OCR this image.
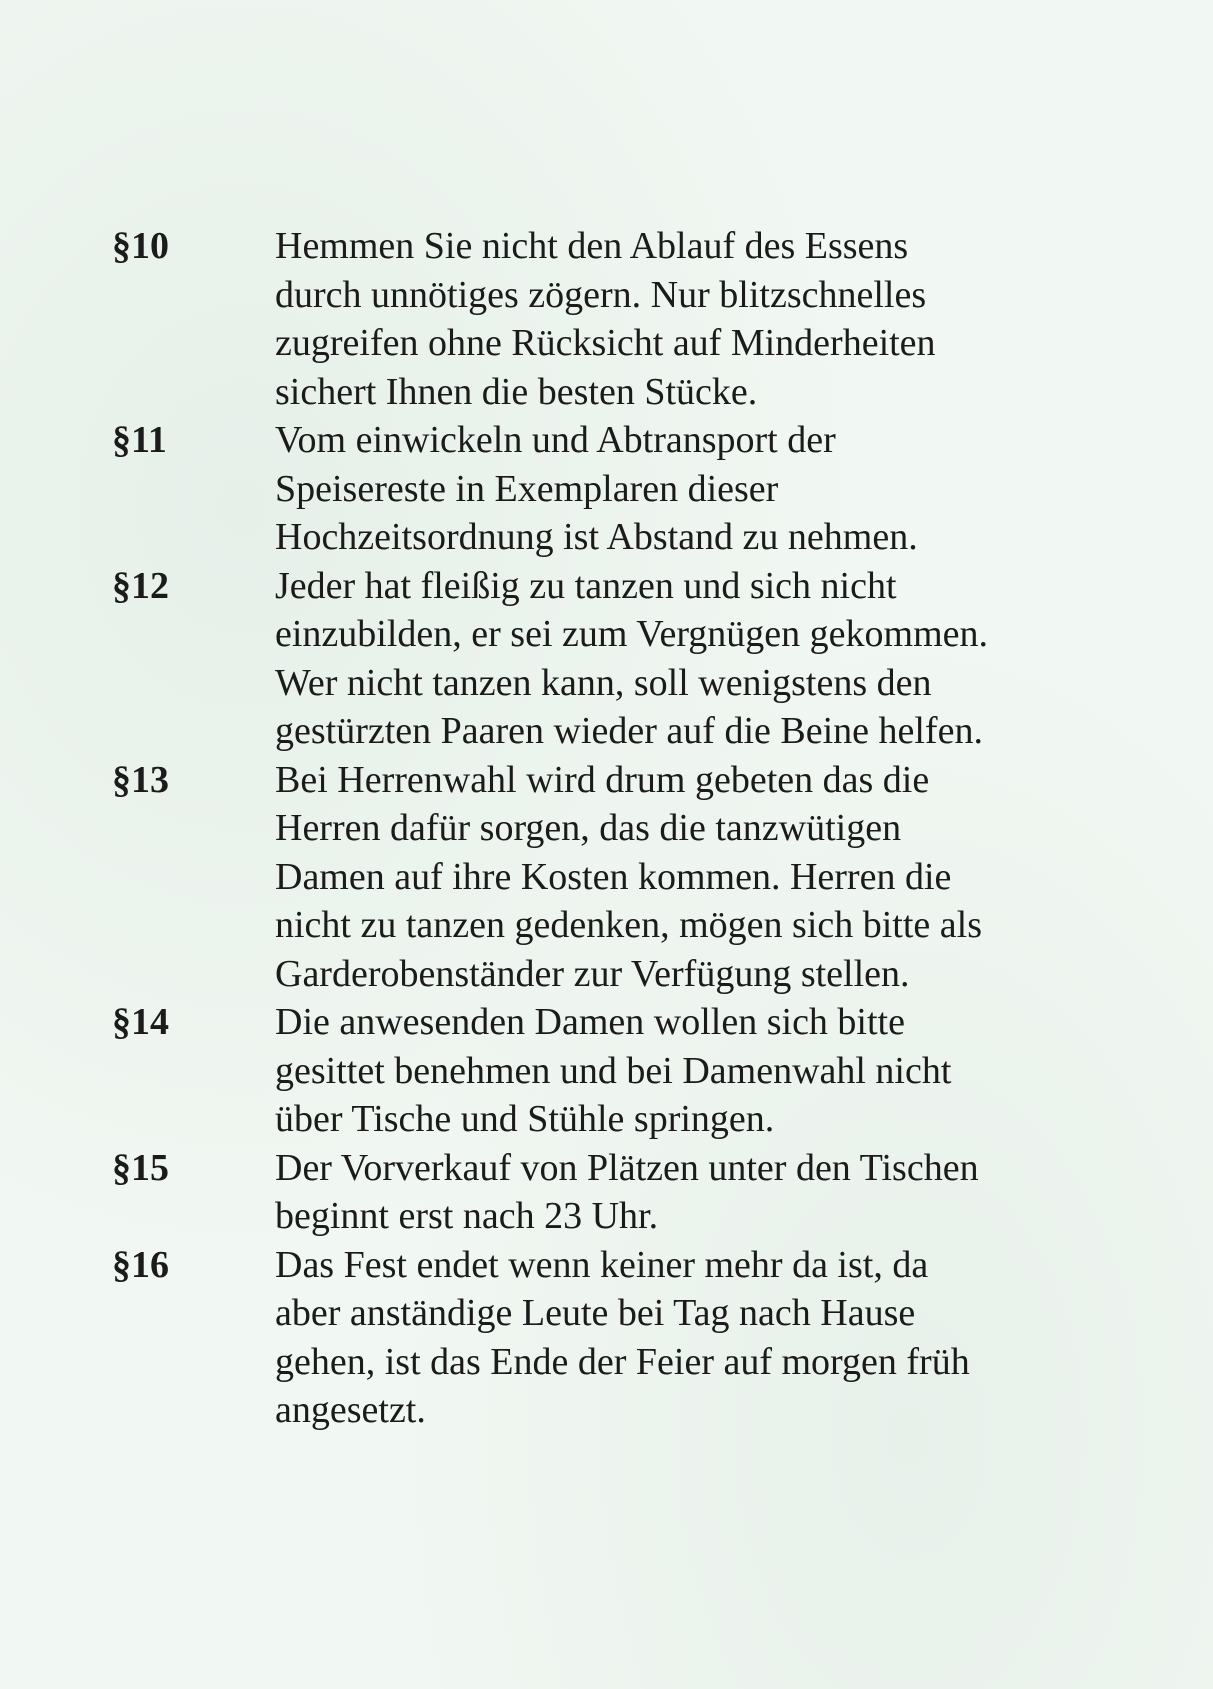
§10	Hemmen Sie nicht den Ablauf des Essens
durch unnötiges zögern. Nur blitzschnelles
zugreifen ohne Rücksicht auf Minderheiten
sichert Ihnen die besten Stücke.
§11	Vom einwickeln und Abtransport der
Speisereste in Exemplaren dieser
Hochzeitsordnung ist Abstand zu nehmen.
§12	Jeder hat fleißig zu tanzen und sich nicht
einzubilden, er sei zum Vergnügen gekommen.
Wer nicht tanzen kann, soll wenigstens den
gestürzten Paaren wieder auf die Beine helfen.
§13	Bei Herrenwahl wird drum gebeten das die
Herren dafür sorgen, das die tanzwütigen
Damen auf ihre Kosten kommen. Herren die
nicht zu tanzen gedenken, mögen sich bitte als
Garderobenständer zur Verfügung stellen.
§14	Die anwesenden Damen wollen sich bitte
gesittet benehmen und bei Damenwahl nicht
über Tische und Stühle springen.
§15	Der Vorverkauf von Plätzen unter den Tischen
beginnt erst nach 23 Uhr.
§16	Das Fest endet wenn keiner mehr da ist, da
aber anständige Leute bei Tag nach Hause
gehen, ist das Ende der Feier auf morgen früh
angesetzt.
